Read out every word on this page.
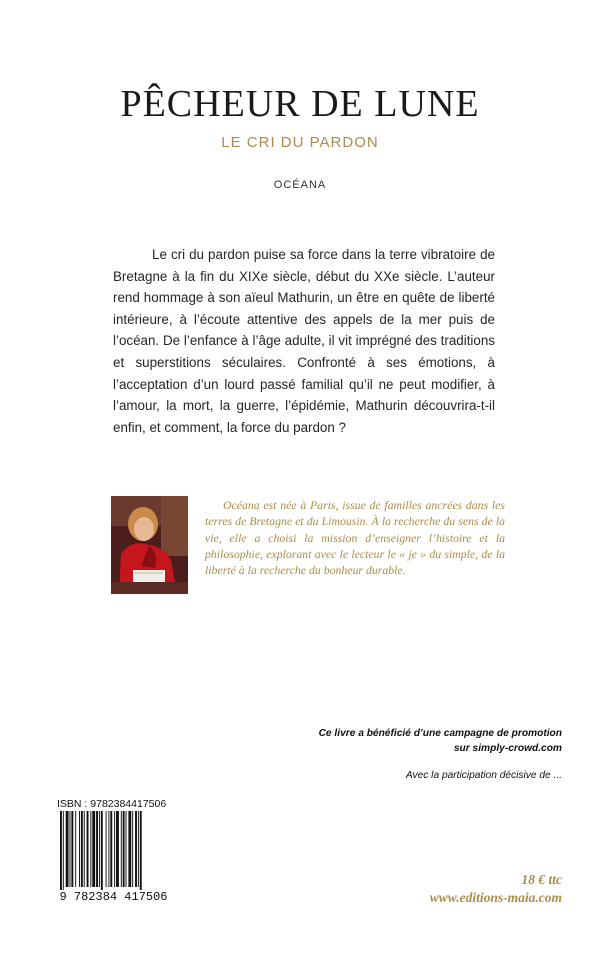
PÊCHEUR DE LUNE
LE CRI DU PARDON
OCÉANA

Le cri du pardon puise sa force dans la terre vibratoire de Bretagne à la fin du XIXe siècle, début du XXe siècle. L’auteur rend hommage à son aïeul Mathurin, un être en quête de liberté intérieure, à l’écoute attentive des appels de la mer puis de l’océan. De l’enfance à l’âge adulte, il vit imprégné des traditions et superstitions séculaires. Confronté à ses émotions, à l’acceptation d’un lourd passé familial qu’il ne peut modifier, à l’amour, la mort, la guerre, l’épidémie, Mathurin découvrira-t-il enfin, et comment, la force du pardon ?

Océana est née à Paris, issue de familles ancrées dans les terres de Bretagne et du Limousin. À la recherche du sens de la vie, elle a choisi la mission d’enseigner l’histoire et la philosophie, explorant avec le lecteur le « je » du simple, de la liberté à la recherche du bonheur durable.

Ce livre a bénéficié d’une campagne de promotion
sur simply-crowd.com
Avec la participation décisive de ...
ISBN : 9782384417506
9 782384 417506
18 € ttc
www.editions-maia.com
